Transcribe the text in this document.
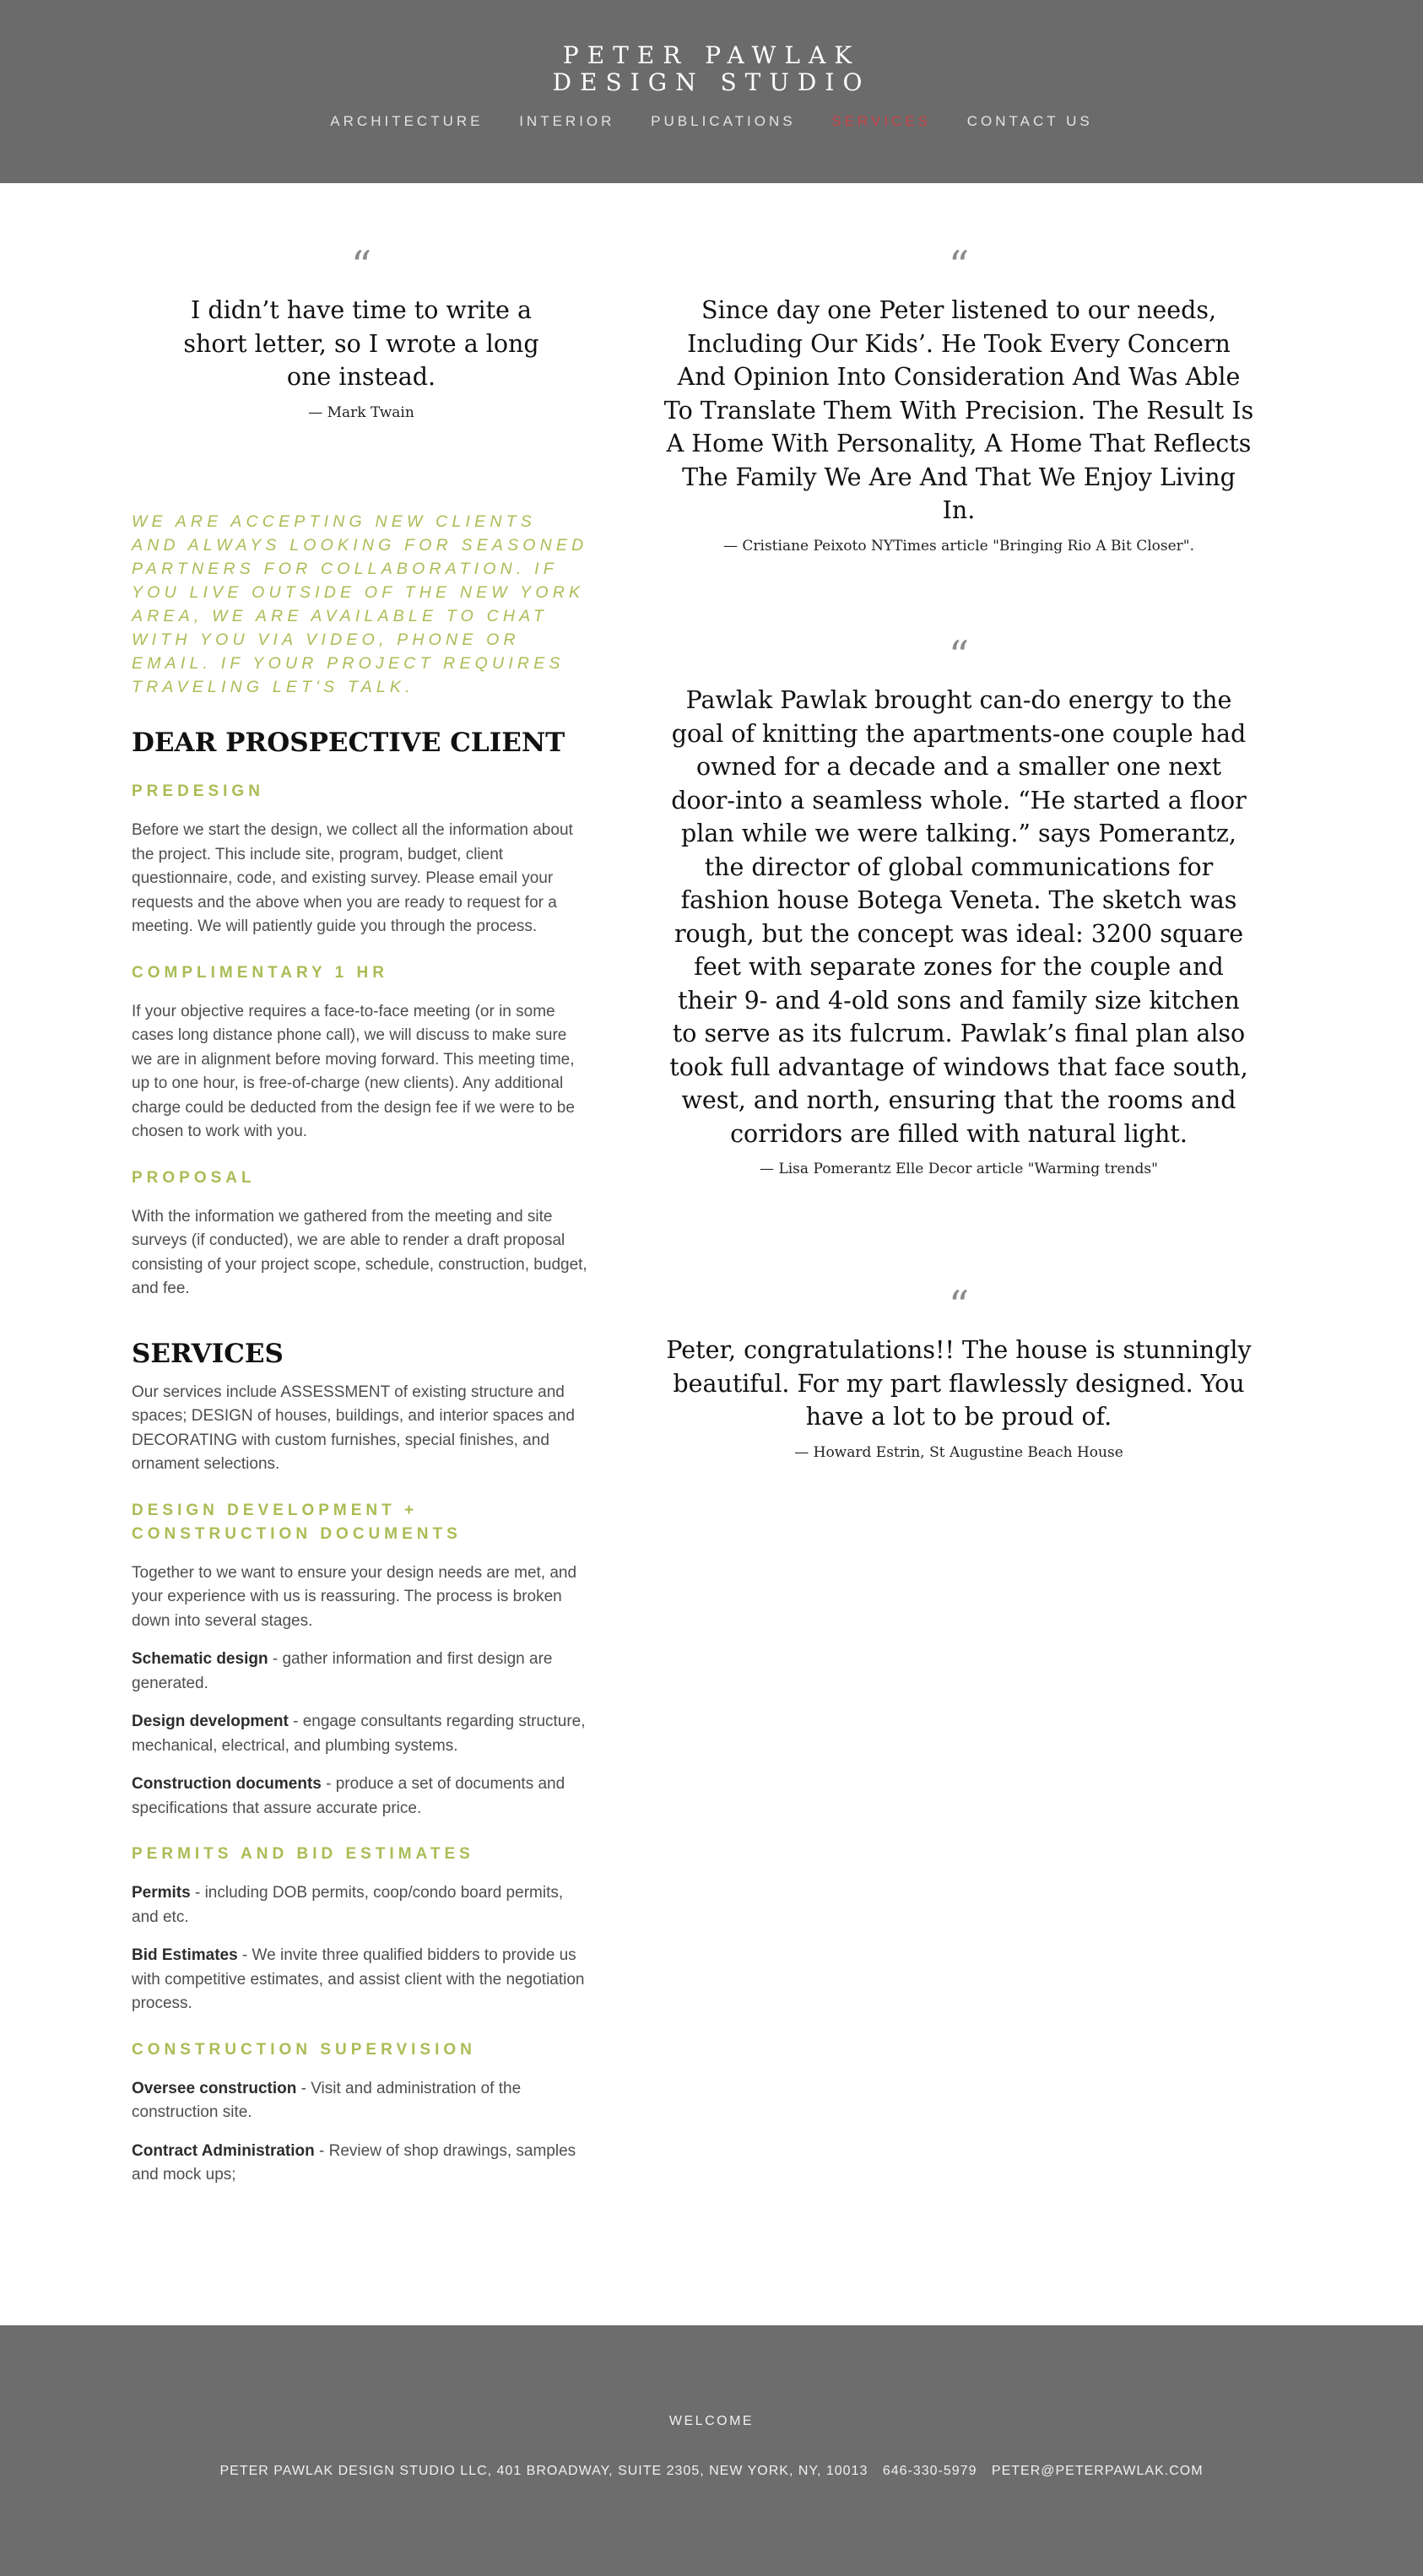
PETER PAWLAK
DESIGN STUDIO
ARCHITECTURE	INTERIOR	PUBLICATIONS	SERVICES	CONTACT US
“
I didn’t have time to write a short letter, so I wrote a long one instead.
— Mark Twain
“
Since day one Peter listened to our needs, Including Our Kids’. He Took Every Concern And Opinion Into Consideration And Was Able To Translate Them With Precision. The Result Is A Home With Personality, A Home That Reflects The Family We Are And That We Enjoy Living In.
— Cristiane Peixoto NYTimes article "Bringing Rio A Bit Closer".
“
Pawlak Pawlak brought can-do energy to the goal of knitting the apartments-one couple had owned for a decade and a smaller one next door-into a seamless whole. “He started a floor plan while we were talking.” says Pomerantz, the director of global communications for fashion house Botega Veneta. The sketch was rough, but the concept was ideal: 3200 square feet with separate zones for the couple and their 9- and 4-old sons and family size kitchen to serve as its fulcrum. Pawlak’s final plan also took full advantage of windows that face south, west, and north, ensuring that the rooms and corridors are filled with natural light.
— Lisa Pomerantz Elle Decor article "Warming trends"
“
Peter, congratulations!! The house is stunningly beautiful. For my part flawlessly designed. You have a lot to be proud of.
— Howard Estrin, St Augustine Beach House

WE ARE ACCEPTING NEW CLIENTS AND ALWAYS LOOKING FOR SEASONED PARTNERS FOR COLLABORATION. IF YOU LIVE OUTSIDE OF THE NEW YORK AREA, WE ARE AVAILABLE TO CHAT WITH YOU VIA VIDEO, PHONE OR EMAIL. IF YOUR PROJECT REQUIRES TRAVELING LET'S TALK.

DEAR PROSPECTIVE CLIENT
PREDESIGN

Before we start the design, we collect all the information about the project. This include site, program, budget, client questionnaire, code, and existing survey. Please email your requests and the above when you are ready to request for a meeting. We will patiently guide you through the process.

COMPLIMENTARY 1 HR

If your objective requires a face-to-face meeting (or in some cases long distance phone call), we will discuss to make sure we are in alignment before moving forward. This meeting time, up to one hour, is free-of-charge (new clients). Any additional charge could be deducted from the design fee if we were to be chosen to work with you.

PROPOSAL

With the information we gathered from the meeting and site surveys (if conducted), we are able to render a draft proposal consisting of your project scope, schedule, construction, budget, and fee.

SERVICES

Our services include ASSESSMENT of existing structure and spaces; DESIGN of houses, buildings, and interior spaces and DECORATING with custom furnishes, special finishes, and ornament selections.

DESIGN DEVELOPMENT + CONSTRUCTION DOCUMENTS

Together to we want to ensure your design needs are met, and your experience with us is reassuring. The process is broken down into several stages.

Schematic design - gather information and first design are generated.

Design development - engage consultants regarding structure, mechanical, electrical, and plumbing systems.

Construction documents - produce a set of documents and specifications that assure accurate price.

PERMITS AND BID ESTIMATES

Permits - including DOB permits, coop/condo board permits, and etc.

Bid Estimates - We invite three qualified bidders to provide us with competitive estimates, and assist client with the negotiation process.

CONSTRUCTION SUPERVISION

Oversee construction - Visit and administration of the construction site.

Contract Administration - Review of shop drawings, samples and mock ups;

WELCOME
PETER PAWLAK DESIGN STUDIO LLC, 401 BROADWAY, SUITE 2305, NEW YORK, NY, 10013 646-330-5979 PETER@PETERPAWLAK.COM
